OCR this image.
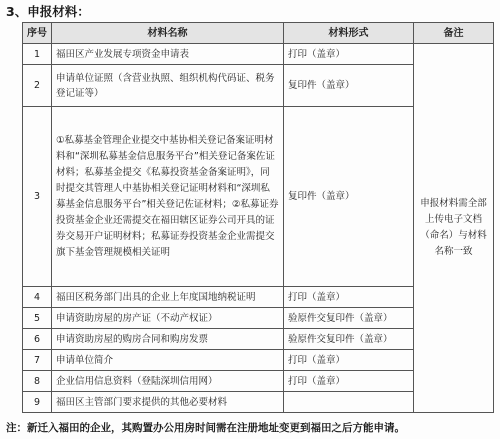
3、申报材料：
序号	材料名称	材料形式	备注
1	福田区产业发展专项资金申请表	打印（盖章）	申报材料需全部上传电子文档（命名）与材料名称一致
2	申请单位证照（含营业执照、组织机构代码证、税务登记证等）	复印件（盖章）	
3	①私募基金管理企业提交中基协相关登记备案证明材料和“深圳私募基金信息服务平台”相关登记备案佐证材料；私募基金提交《私募投资基金备案证明》，同时提交其管理人中基协相关登记证明材料和“深圳私募基金信息服务平台”相关登记佐证材料；②私募证券投资基金企业还需提交在福田辖区证券公司开具的证券交易开户证明材料；私募证券投资基金企业需提交旗下基金管理规模相关证明	复印件（盖章）	
4	福田区税务部门出具的企业上年度国地纳税证明	打印（盖章）	
5	申请资助房屋的房产证（不动产权证）	验原件交复印件（盖章）	
6	申请资助房屋的购房合同和购房发票	验原件交复印件（盖章）	
7	申请单位简介	打印（盖章）	
8	企业信用信息资料（登陆深圳信用网）	打印（盖章）	
9	福田区主管部门要求提供的其他必要材料		
注：新迁入福田的企业，其购置办公用房时间需在注册地址变更到福田之后方能申请。
